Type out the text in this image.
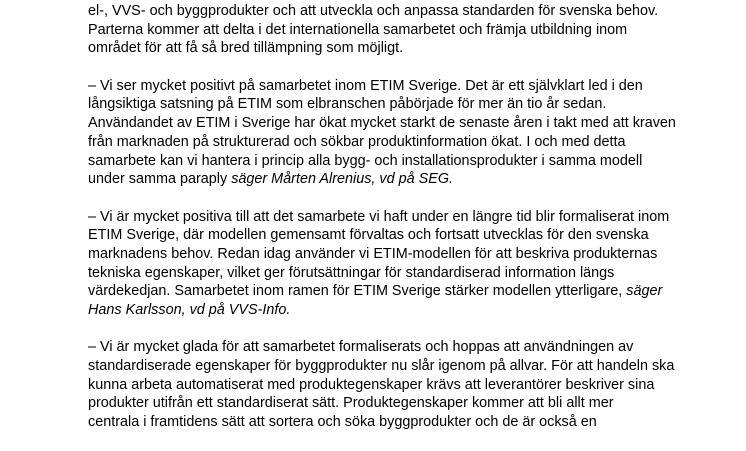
el-, VVS- och byggprodukter och att utveckla och anpassa standarden för svenska behov.
Parterna kommer att delta i det internationella samarbetet och främja utbildning inom
området för att få så bred tillämpning som möjligt.
– Vi ser mycket positivt på samarbetet inom ETIM Sverige. Det är ett självklart led i den
långsiktiga satsning på ETIM som elbranschen påbörjade för mer än tio år sedan.
Användandet av ETIM i Sverige har ökat mycket starkt de senaste åren i takt med att kraven
från marknaden på strukturerad och sökbar produktinformation ökat. I och med detta
samarbete kan vi hantera i princip alla bygg- och installationsprodukter i samma modell
under samma paraply säger Mårten Alrenius, vd på SEG.
– Vi är mycket positiva till att det samarbete vi haft under en längre tid blir formaliserat inom
ETIM Sverige, där modellen gemensamt förvaltas och fortsatt utvecklas för den svenska
marknadens behov. Redan idag använder vi ETIM-modellen för att beskriva produkternas
tekniska egenskaper, vilket ger förutsättningar för standardiserad information längs
värdekedjan. Samarbetet inom ramen för ETIM Sverige stärker modellen ytterligare, säger
Hans Karlsson, vd på VVS-Info.
– Vi är mycket glada för att samarbetet formaliserats och hoppas att användningen av
standardiserade egenskaper för byggprodukter nu slår igenom på allvar. För att handeln ska
kunna arbeta automatiserat med produktegenskaper krävs att leverantörer beskriver sina
produkter utifrån ett standardiserat sätt. Produktegenskaper kommer att bli allt mer
centrala i framtidens sätt att sortera och söka byggprodukter och de är också en
